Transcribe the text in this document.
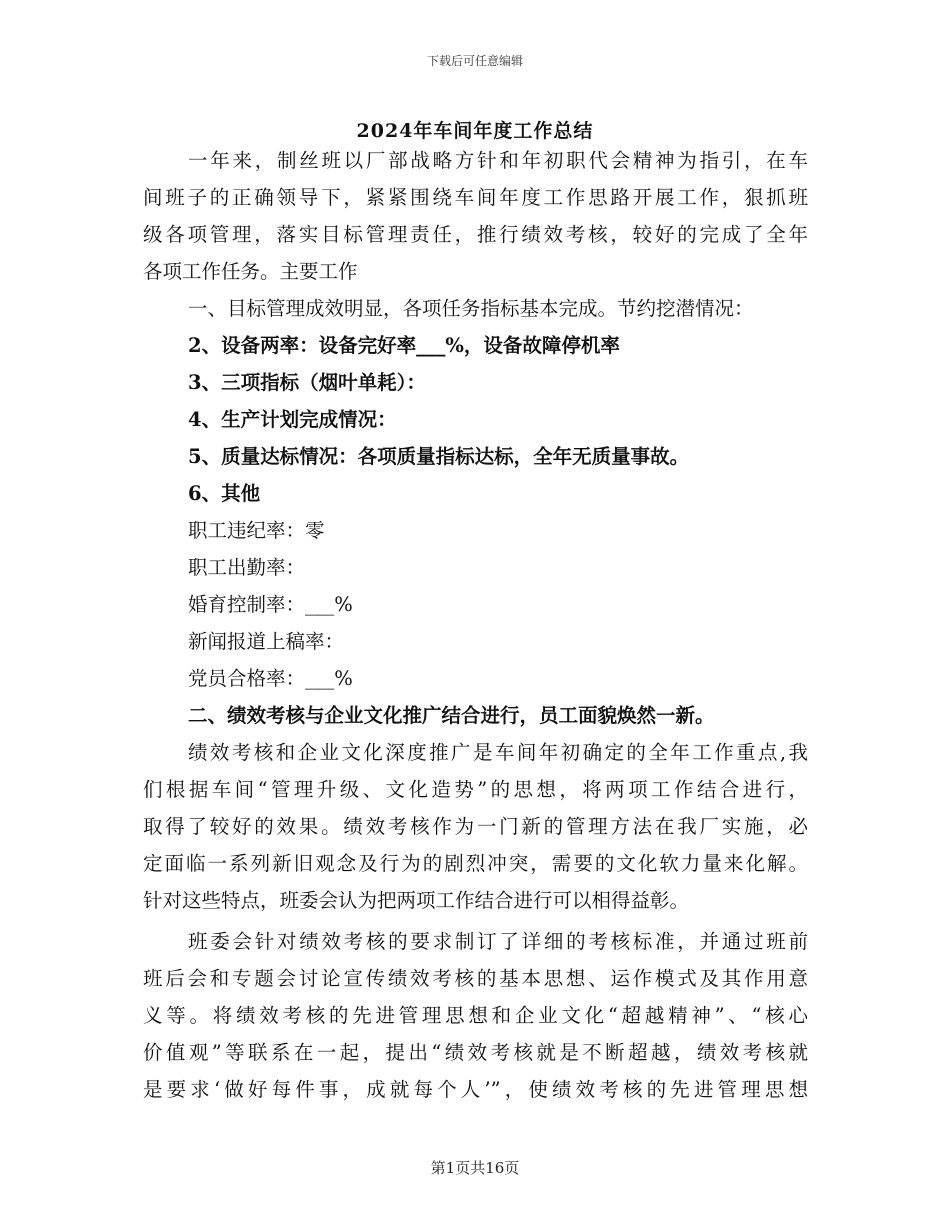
下载后可任意编辑
2024年车间年度工作总结
一年来，制丝班以厂部战略方针和年初职代会精神为指引，在车
间班子的正确领导下，紧紧围绕车间年度工作思路开展工作，狠抓班
级各项管理，落实目标管理责任，推行绩效考核，较好的完成了全年
各项工作任务。主要工作
一、目标管理成效明显，各项任务指标基本完成。节约挖潜情况：
2、设备两率：设备完好率___%，设备故障停机率
3、三项指标（烟叶单耗）：
4、生产计划完成情况：
5、质量达标情况：各项质量指标达标，全年无质量事故。
6、其他
职工违纪率：零
职工出勤率：
婚育控制率：___%
新闻报道上稿率：
党员合格率：___%
二、绩效考核与企业文化推广结合进行，员工面貌焕然一新。
绩效考核和企业文化深度推广是车间年初确定的全年工作重点,我
们根据车间“管理升级、文化造势”的思想，将两项工作结合进行，
取得了较好的效果。绩效考核作为一门新的管理方法在我厂实施，必
定面临一系列新旧观念及行为的剧烈冲突，需要的文化软力量来化解。
针对这些特点，班委会认为把两项工作结合进行可以相得益彰。
班委会针对绩效考核的要求制订了详细的考核标准，并通过班前
班后会和专题会讨论宣传绩效考核的基本思想、运作模式及其作用意
义等。将绩效考核的先进管理思想和企业文化“超越精神”、“核心
价值观”等联系在一起，提出“绩效考核就是不断超越，绩效考核就
是要求‘做好每件事，成就每个人’”，使绩效考核的先进管理思想
第1页共16页
